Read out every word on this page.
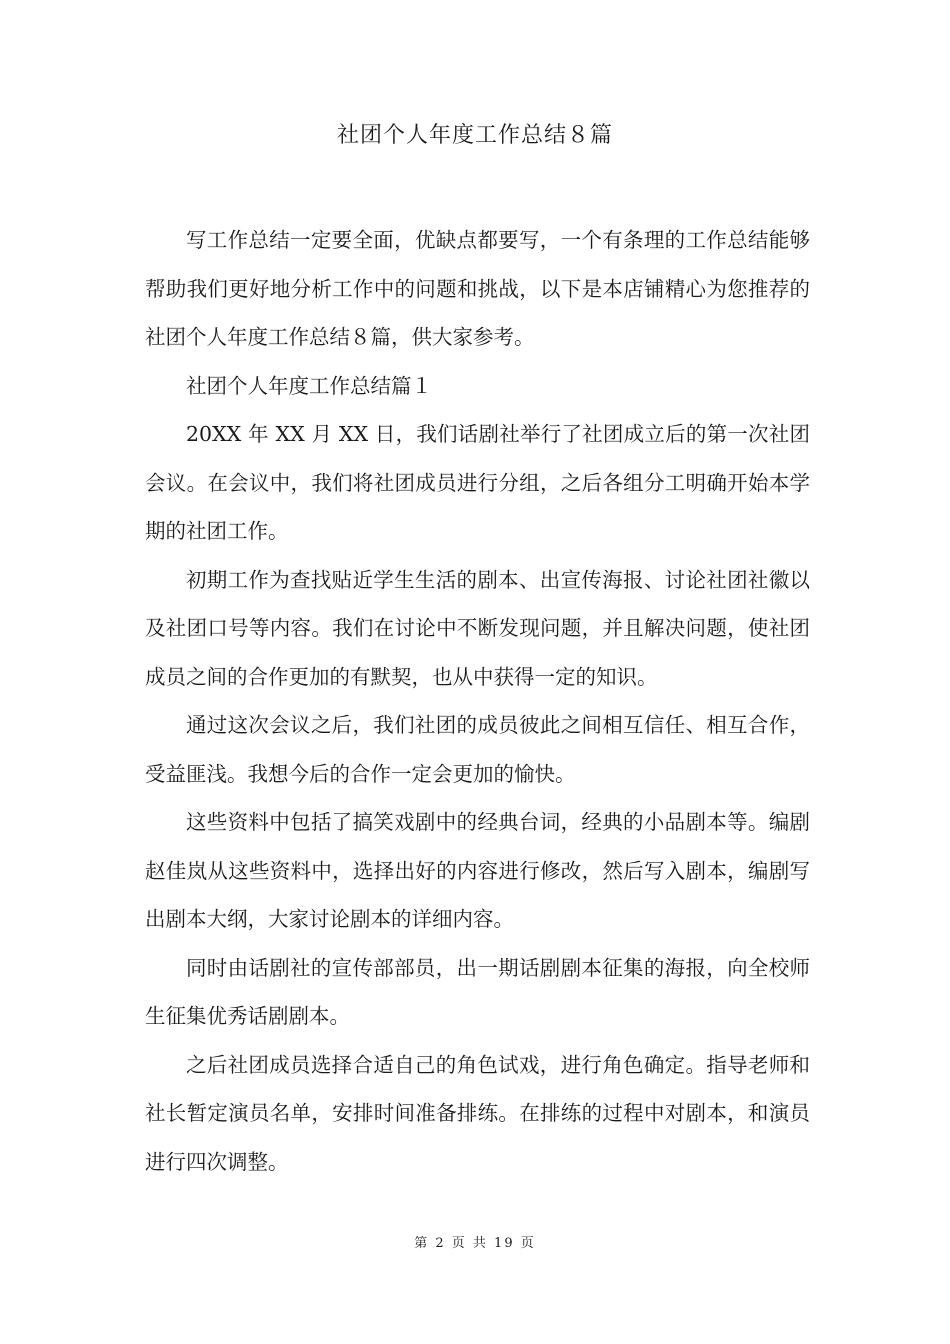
社团个人年度工作总结８篇

写工作总结一定要全面，优缺点都要写，一个有条理的工作总结能够帮助我们更好地分析工作中的问题和挑战，以下是本店铺精心为您推荐的社团个人年度工作总结８篇，供大家参考。

社团个人年度工作总结篇１

20XX 年 XX 月 XX 日，我们话剧社举行了社团成立后的第一次社团会议。在会议中，我们将社团成员进行分组，之后各组分工明确开始本学期的社团工作。

初期工作为查找贴近学生生活的剧本、出宣传海报、讨论社团社徽以及社团口号等内容。我们在讨论中不断发现问题，并且解决问题，使社团成员之间的合作更加的有默契，也从中获得一定的知识。

通过这次会议之后，我们社团的成员彼此之间相互信任、相互合作，受益匪浅。我想今后的合作一定会更加的愉快。

这些资料中包括了搞笑戏剧中的经典台词，经典的小品剧本等。编剧赵佳岚从这些资料中，选择出好的内容进行修改，然后写入剧本，编剧写出剧本大纲，大家讨论剧本的详细内容。

同时由话剧社的宣传部部员，出一期话剧剧本征集的海报，向全校师生征集优秀话剧剧本。

之后社团成员选择合适自己的角色试戏，进行角色确定。指导老师和社长暂定演员名单，安排时间准备排练。在排练的过程中对剧本，和演员进行四次调整。

第 2 页 共 19 页
